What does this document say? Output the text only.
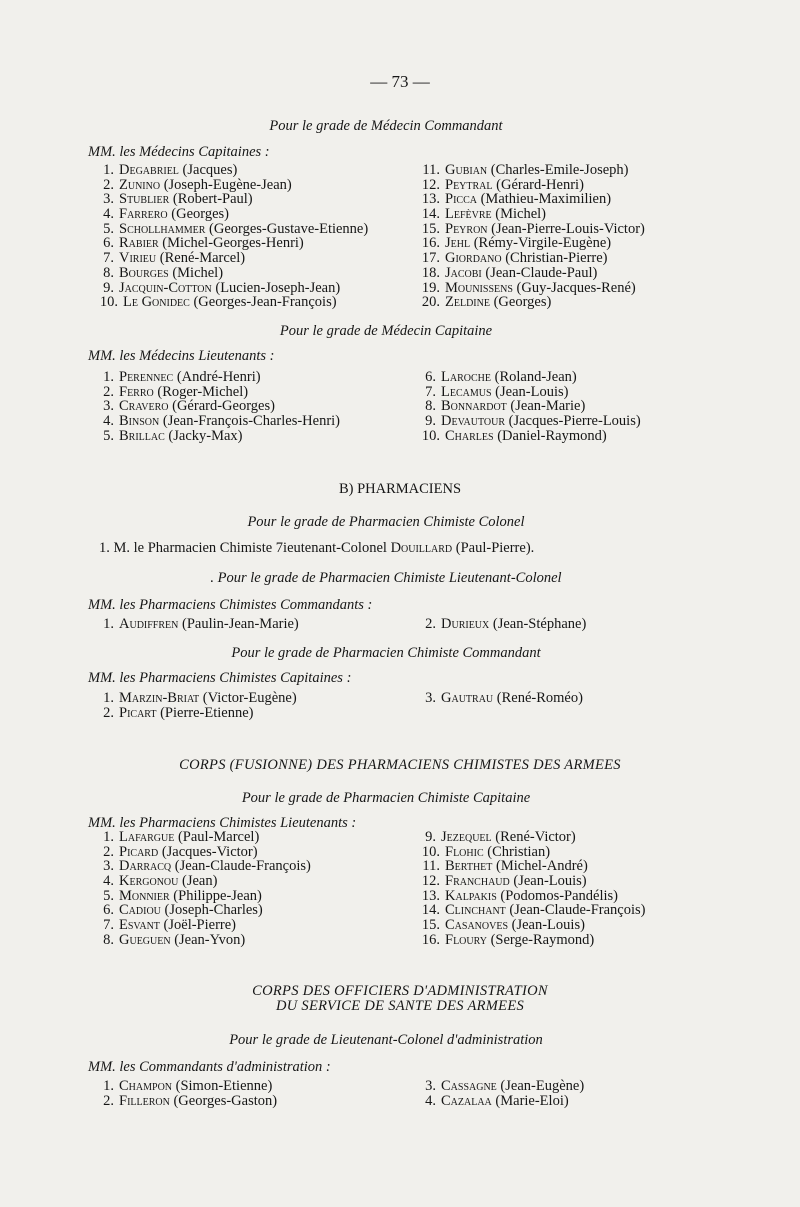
— 73 —
Pour le grade de Médecin Commandant
MM. les Médecins Capitaines :
1. Degabriel (Jacques)
2. Zunino (Joseph-Eugène-Jean)
3. Stublier (Robert-Paul)
4. Farrero (Georges)
5. Schollhammer (Georges-Gustave-Etienne)
6. Rabier (Michel-Georges-Henri)
7. Virieu (René-Marcel)
8. Bourges (Michel)
9. Jacquin-Cotton (Lucien-Joseph-Jean)
10. Le Gonidec (Georges-Jean-François)
11. Gubian (Charles-Emile-Joseph)
12. Peytral (Gérard-Henri)
13. Picca (Mathieu-Maximilien)
14. Lefèvre (Michel)
15. Peyron (Jean-Pierre-Louis-Victor)
16. Jehl (Rémy-Virgile-Eugène)
17. Giordano (Christian-Pierre)
18. Jacobi (Jean-Claude-Paul)
19. Mounissens (Guy-Jacques-René)
20. Zeldine (Georges)
Pour le grade de Médecin Capitaine
MM. les Médecins Lieutenants :
1. Perennec (André-Henri)
2. Ferro (Roger-Michel)
3. Cravero (Gérard-Georges)
4. Binson (Jean-François-Charles-Henri)
5. Brillac (Jacky-Max)
6. Laroche (Roland-Jean)
7. Lecamus (Jean-Louis)
8. Bonnardot (Jean-Marie)
9. Devautour (Jacques-Pierre-Louis)
10. Charles (Daniel-Raymond)
B) PHARMACIENS
Pour le grade de Pharmacien Chimiste Colonel
1. M. le Pharmacien Chimiste 7ieutenant-Colonel Douillard (Paul-Pierre).
. Pour le grade de Pharmacien Chimiste Lieutenant-Colonel
MM. les Pharmaciens Chimistes Commandants :
1. Audiffren (Paulin-Jean-Marie)	2. Durieux (Jean-Stéphane)
Pour le grade de Pharmacien Chimiste Commandant
MM. les Pharmaciens Chimistes Capitaines :
1. Marzin-Briat (Victor-Eugène)
2. Picart (Pierre-Etienne)
3. Gautrau (René-Roméo)
CORPS (FUSIONNE) DES PHARMACIENS CHIMISTES DES ARMEES
Pour le grade de Pharmacien Chimiste Capitaine
MM. les Pharmaciens Chimistes Lieutenants :
1. Lafargue (Paul-Marcel)
2. Picard (Jacques-Victor)
3. Darracq (Jean-Claude-François)
4. Kergonou (Jean)
5. Monnier (Philippe-Jean)
6. Cadiou (Joseph-Charles)
7. Esvant (Joël-Pierre)
8. Gueguen (Jean-Yvon)
9. Jezequel (René-Victor)
10. Flohic (Christian)
11. Berthet (Michel-André)
12. Franchaud (Jean-Louis)
13. Kalpakis (Podomos-Pandélis)
14. Clinchant (Jean-Claude-François)
15. Casanoves (Jean-Louis)
16. Floury (Serge-Raymond)
CORPS DES OFFICIERS D'ADMINISTRATION
DU SERVICE DE SANTE DES ARMEES
Pour le grade de Lieutenant-Colonel d'administration
MM. les Commandants d'administration :
1. Champon (Simon-Etienne)
2. Filleron (Georges-Gaston)
3. Cassagne (Jean-Eugène)
4. Cazalaa (Marie-Eloi)
